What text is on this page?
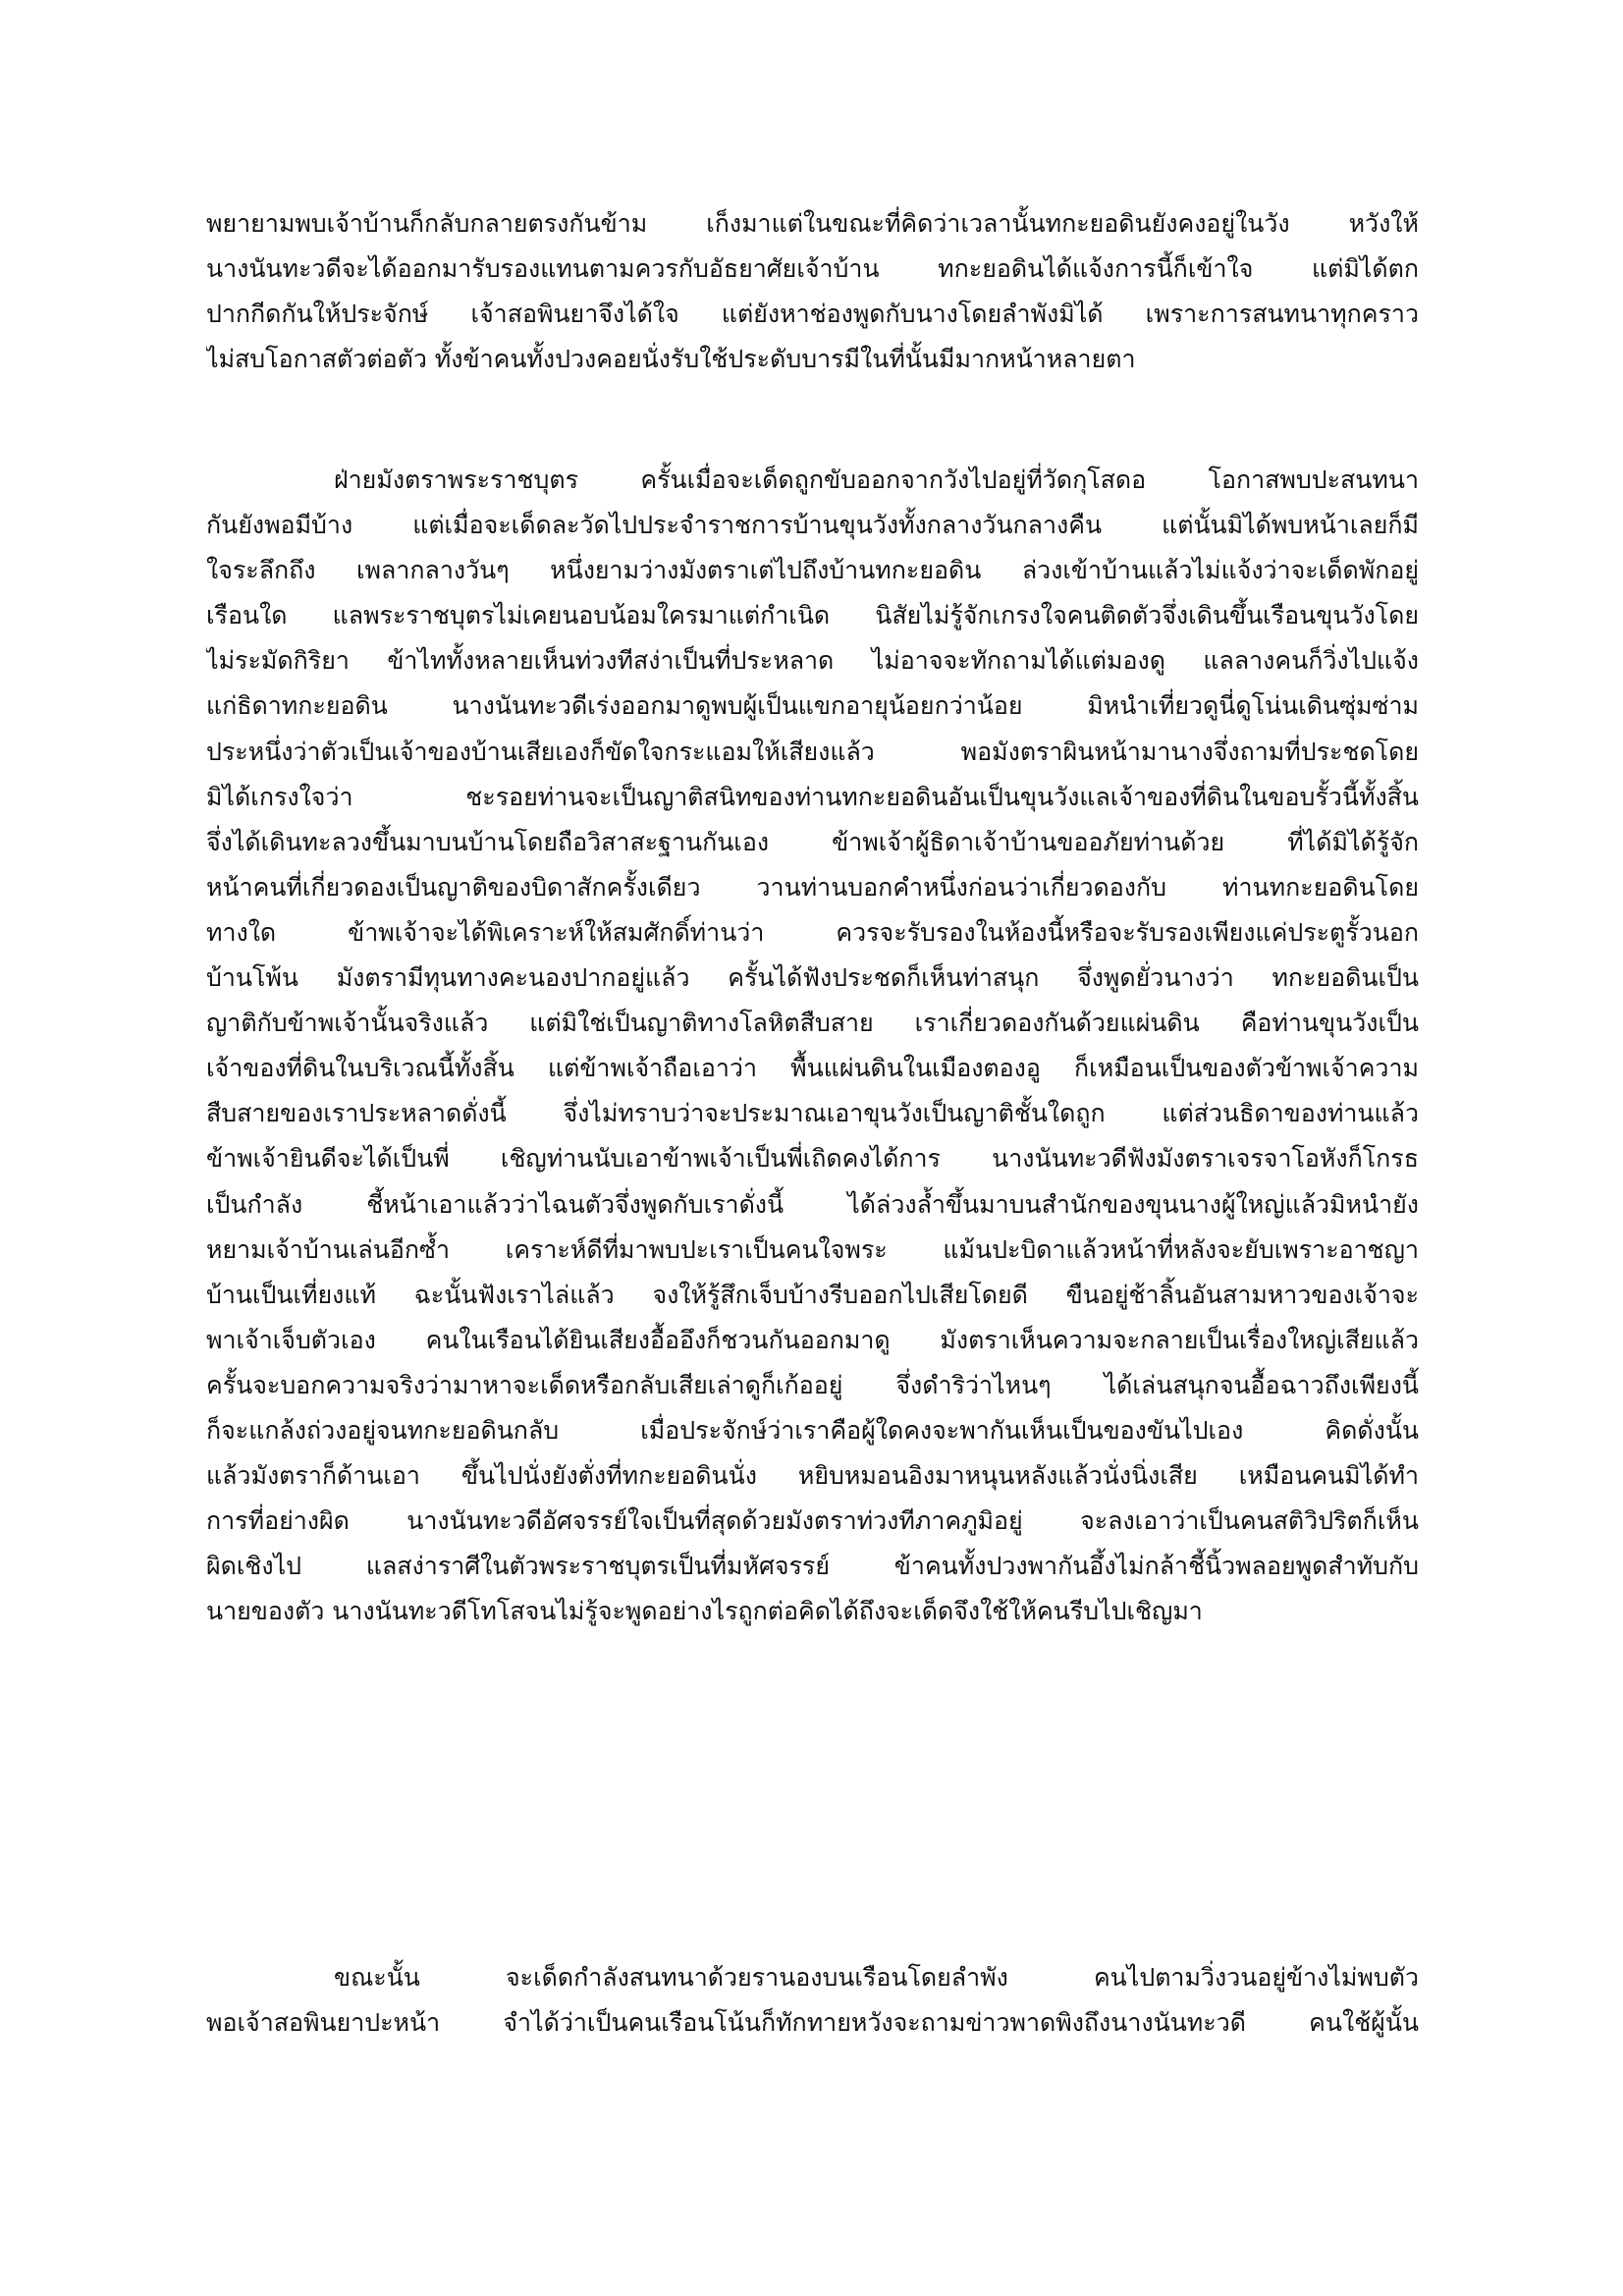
พยายามพบเจ้าบ้านก็กลับกลายตรงกันข้าม เก็งมาแต่ในขณะที่คิดว่าเวลานั้นทกะยอดินยังคงอยู่ในวัง หวังให้
นางนันทะวดีจะได้ออกมารับรองแทนตามควรกับอัธยาศัยเจ้าบ้าน ทกะยอดินได้แจ้งการนี้ก็เข้าใจ แต่มิได้ตก
ปากกีดกันให้ประจักษ์ เจ้าสอพินยาจึงได้ใจ แต่ยังหาช่องพูดกับนางโดยลำพังมิได้ เพราะการสนทนาทุกคราว
ไม่สบโอกาสตัวต่อตัว ทั้งข้าคนทั้งปวงคอยนั่งรับใช้ประดับบารมีในที่นั้นมีมากหน้าหลายตา
ฝ่ายมังตราพระราชบุตร ครั้นเมื่อจะเด็ดถูกขับออกจากวังไปอยู่ที่วัดกุโสดอ โอกาสพบปะสนทนา
กันยังพอมีบ้าง แต่เมื่อจะเด็ดละวัดไปประจำราชการบ้านขุนวังทั้งกลางวันกลางคืน แต่นั้นมิได้พบหน้าเลยก็มี
ใจระลึกถึง เพลากลางวันๆ หนึ่งยามว่างมังตราเต่ไปถึงบ้านทกะยอดิน ล่วงเข้าบ้านแล้วไม่แจ้งว่าจะเด็ดพักอยู่
เรือนใด แลพระราชบุตรไม่เคยนอบน้อมใครมาแต่กำเนิด นิสัยไม่รู้จักเกรงใจคนติดตัวจึ่งเดินขึ้นเรือนขุนวังโดย
ไม่ระมัดกิริยา ข้าไททั้งหลายเห็นท่วงทีสง่าเป็นที่ประหลาด ไม่อาจจะทักถามได้แต่มองดู แลลางคนก็วิ่งไปแจ้ง
แก่ธิดาทกะยอดิน นางนันทะวดีเร่งออกมาดูพบผู้เป็นแขกอายุน้อยกว่าน้อย มิหนำเที่ยวดูนี่ดูโน่นเดินซุ่มซ่าม
ประหนึ่งว่าตัวเป็นเจ้าของบ้านเสียเองก็ขัดใจกระแอมให้เสียงแล้ว พอมังตราผินหน้ามานางจึ่งถามที่ประชดโดย
มิได้เกรงใจว่า ชะรอยท่านจะเป็นญาติสนิทของท่านทกะยอดินอันเป็นขุนวังแลเจ้าของที่ดินในขอบรั้วนี้ทั้งสิ้น
จึ่งได้เดินทะลวงขึ้นมาบนบ้านโดยถือวิสาสะฐานกันเอง ข้าพเจ้าผู้ธิดาเจ้าบ้านขออภัยท่านด้วย ที่ได้มิได้รู้จัก
หน้าคนที่เกี่ยวดองเป็นญาติของบิดาสักครั้งเดียว วานท่านบอกคำหนึ่งก่อนว่าเกี่ยวดองกับ ท่านทกะยอดินโดย
ทางใด ข้าพเจ้าจะได้พิเคราะห์ให้สมศักดิ์ท่านว่า ควรจะรับรองในห้องนี้หรือจะรับรองเพียงแค่ประตูรั้วนอก
บ้านโพ้น มังตรามีทุนทางคะนองปากอยู่แล้ว ครั้นได้ฟังประชดก็เห็นท่าสนุก จึ่งพูดยั่วนางว่า ทกะยอดินเป็น
ญาติกับข้าพเจ้านั้นจริงแล้ว แต่มิใช่เป็นญาติทางโลหิตสืบสาย เราเกี่ยวดองกันด้วยแผ่นดิน คือท่านขุนวังเป็น
เจ้าของที่ดินในบริเวณนี้ทั้งสิ้น แต่ข้าพเจ้าถือเอาว่า พื้นแผ่นดินในเมืองตองอู ก็เหมือนเป็นของตัวข้าพเจ้าความ
สืบสายของเราประหลาดดั่งนี้ จึ่งไม่ทราบว่าจะประมาณเอาขุนวังเป็นญาติชั้นใดถูก แต่ส่วนธิดาของท่านแล้ว
ข้าพเจ้ายินดีจะได้เป็นพี่ เชิญท่านนับเอาข้าพเจ้าเป็นพี่เถิดคงได้การ นางนันทะวดีฟังมังตราเจรจาโอหังก็โกรธ
เป็นกำลัง ชี้หน้าเอาแล้วว่าไฉนตัวจึ่งพูดกับเราดั่งนี้ ได้ล่วงล้ำขึ้นมาบนสำนักของขุนนางผู้ใหญ่แล้วมิหนำยัง
หยามเจ้าบ้านเล่นอีกซ้ำ เคราะห์ดีที่มาพบปะเราเป็นคนใจพระ แม้นปะบิดาแล้วหน้าที่หลังจะยับเพราะอาชญา
บ้านเป็นเที่ยงแท้ ฉะนั้นฟังเราไล่แล้ว จงให้รู้สึกเจ็บบ้างรีบออกไปเสียโดยดี ขืนอยู่ช้าลิ้นอันสามหาวของเจ้าจะ
พาเจ้าเจ็บตัวเอง คนในเรือนได้ยินเสียงอื้ออึงก็ชวนกันออกมาดู มังตราเห็นความจะกลายเป็นเรื่องใหญ่เสียแล้ว
ครั้นจะบอกความจริงว่ามาหาจะเด็ดหรือกลับเสียเล่าดูก็เก้ออยู่ จึ่งดำริว่าไหนๆ ได้เล่นสนุกจนอื้อฉาวถึงเพียงนี้
ก็จะแกล้งถ่วงอยู่จนทกะยอดินกลับ เมื่อประจักษ์ว่าเราคือผู้ใดคงจะพากันเห็นเป็นของขันไปเอง คิดดั่งนั้น
แล้วมังตราก็ด้านเอา ขึ้นไปนั่งยังตั่งที่ทกะยอดินนั่ง หยิบหมอนอิงมาหนุนหลังแล้วนั่งนิ่งเสีย เหมือนคนมิได้ทำ
การที่อย่างผิด นางนันทะวดีอัศจรรย์ใจเป็นที่สุดด้วยมังตราท่วงทีภาคภูมิอยู่ จะลงเอาว่าเป็นคนสติวิปริตก็เห็น
ผิดเชิงไป แลสง่าราศีในตัวพระราชบุตรเป็นที่มหัศจรรย์ ข้าคนทั้งปวงพากันอึ้งไม่กล้าชี้นิ้วพลอยพูดสำทับกับ
นายของตัว นางนันทะวดีโทโสจนไม่รู้จะพูดอย่างไรถูกต่อคิดได้ถึงจะเด็ดจึงใช้ให้คนรีบไปเชิญมา
ขณะนั้น จะเด็ดกำลังสนทนาด้วยรานองบนเรือนโดยลำพัง คนไปตามวิ่งวนอยู่ข้างไม่พบตัว
พอเจ้าสอพินยาปะหน้า จำได้ว่าเป็นคนเรือนโน้นก็ทักทายหวังจะถามข่าวพาดพิงถึงนางนันทะวดี คนใช้ผู้นั้น
